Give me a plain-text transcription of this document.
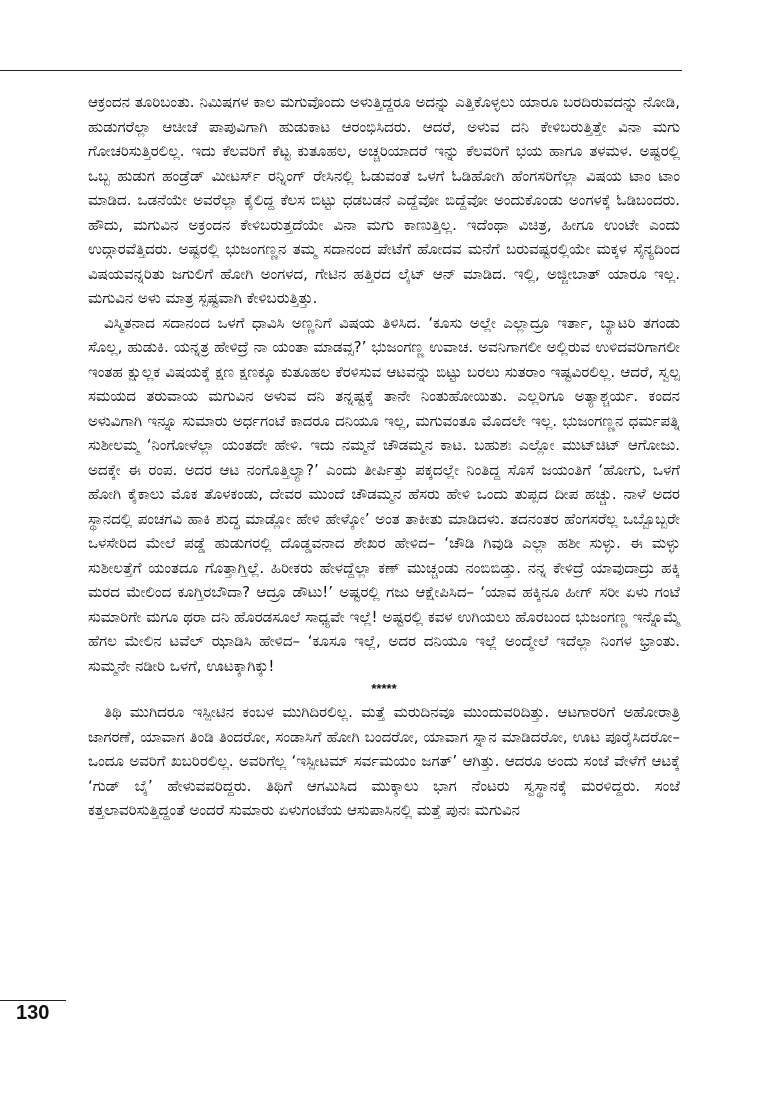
ಆಕ್ರಂದನ ತೂರಿಬಂತು. ನಿಮಿಷಗಳ ಕಾಲ ಮಗುವೊಂದು ಅಳುತ್ತಿದ್ದರೂ ಅದನ್ನು ಎತ್ತಿಕೊಳ್ಳಲು ಯಾರೂ ಬರದಿರುವದನ್ನು ನೋಡಿ, ಹುಡುಗರೆಲ್ಲಾ ಆಚೀಚೆ ಪಾಪುವಿಗಾಗಿ ಹುಡುಕಾಟ ಆರಂಭಿಸಿದರು. ಆದರೆ, ಅಳುವ ದನಿ ಕೇಳಿಬರುತ್ತಿತ್ತೇ ವಿನಾ ಮಗು ಗೋಚರಿಸುತ್ತಿರಲಿಲ್ಲ. ಇದು ಕೆಲವರಿಗೆ ಕೆಟ್ಟ ಕುತೂಹಲ, ಅಚ್ಚರಿಯಾದರೆ ಇನ್ನು ಕೆಲವರಿಗೆ ಭಯ ಹಾಗೂ ತಳಮಳ. ಅಷ್ಟರಲ್ಲಿ ಒಬ್ಬ ಹುಡುಗ ಹಂಡ್ರೆಡ್ ಮೀಟರ್ಸ್ ರನ್ನಿಂಗ್ ರೇಸಿನಲ್ಲಿ ಓಡುವಂತೆ ಒಳಗೆ ಓಡಿಹೋಗಿ ಹೆಂಗಸರಿಗೆಲ್ಲಾ ವಿಷಯ ಟಾಂ ಟಾಂ ಮಾಡಿದ. ಒಡನೆಯೇ ಅವರೆಲ್ಲಾ ಕೈಲಿದ್ದ ಕೆಲಸ ಬಿಟ್ಟು ಧಡಬಡನೆ ಎದ್ದೆವೋ ಬಿದ್ದೆವೋ ಅಂದುಕೊಂಡು ಅಂಗಳಕ್ಕೆ ಓಡಿಬಂದರು. ಹೌದು, ಮಗುವಿನ ಅಕ್ರಂದನ ಕೇಳಿಬರುತ್ತದೆಯೇ ವಿನಾ ಮಗು ಕಾಣುತ್ತಿಲ್ಲ. ಇದೆಂಥಾ ವಿಚಿತ್ರ, ಹೀಗೂ ಉಂಟೇ ಎಂದು ಉದ್ಗಾರವೆತ್ತಿದರು. ಅಷ್ಟರಲ್ಲಿ ಭುಜಂಗಣ್ಣನ ತಮ್ಮ ಸದಾನಂದ ಪೇಟೆಗೆ ಹೋದವ ಮನೆಗೆ ಬರುವಷ್ಟರಲ್ಲಿಯೇ ಮಕ್ಕಳ ಸೈನ್ಯದಿಂದ ವಿಷಯವನ್ನರಿತು ಜಗುಲಿಗೆ ಹೋಗಿ ಅಂಗಳದ, ಗೇಟಿನ ಹತ್ತಿರದ ಲೈಟ್ ಆನ್ ಮಾಡಿದ. ಇಲ್ಲಿ, ಅಜ್ಜೀಬಾತ್ ಯಾರೂ ಇಲ್ಲ. ಮಗುವಿನ ಅಳು ಮಾತ್ರ ಸ್ಪಷ್ಟವಾಗಿ ಕೇಳಿಬರುತ್ತಿತ್ತು.

ವಿಸ್ಮಿತನಾದ ಸದಾನಂದ ಒಳಗೆ ಧಾವಿಸಿ ಅಣ್ಣನಿಗೆ ವಿಷಯ ತಿಳಿಸಿದ. ‘ಕೂಸು ಅಲ್ಲೇ ಎಲ್ಲಾದ್ರೂ ಇರ್ತಾ, ಬ್ಯಾಟರಿ ತಗಂಡು ಸೊಲ್ಲ, ಹುಡುಕಿ. ಯನ್ನತ್ರ ಹೇಳಿದ್ರೆ ನಾ ಯಂತಾ ಮಾಡವ್ಸ?’ ಭುಜಂಗಣ್ಣ ಉವಾಚ. ಅವನಿಗಾಗಲೀ ಅಲ್ಲಿರುವ ಉಳಿದವರಿಗಾಗಲೀ ಇಂತಹ ಕ್ಷುಲ್ಲಕ ವಿಷಯಕ್ಕೆ ಕ್ಷಣ ಕ್ಷಣಕ್ಕೂ ಕುತೂಹಲ ಕೆರಳಿಸುವ ಆಟವನ್ನು ಬಿಟ್ಟು ಬರಲು ಸುತರಾಂ ಇಷ್ಟವಿರಲಿಲ್ಲ. ಆದರೆ, ಸ್ವಲ್ಪ ಸಮಯದ ತರುವಾಯ ಮಗುವಿನ ಅಳುವ ದನಿ ತನ್ನಷ್ಟಕ್ಕೆ ತಾನೇ ನಿಂತುಹೋಯಿತು. ಎಲ್ಲರಿಗೂ ಅತ್ಯಾಶ್ಚರ್ಯ. ಕಂದನ ಅಳುವಿಗಾಗಿ ಇನ್ನೂ ಸುಮಾರು ಅರ್ಧಗಂಟೆ ಕಾದರೂ ದನಿಯೂ ಇಲ್ಲ, ಮಗುವಂತೂ ಮೊದಲೇ ಇಲ್ಲ. ಭುಜಂಗಣ್ಣನ ಧರ್ಮಪತ್ನಿ ಸುಶೀಲಮ್ಮ ‘ನಿಂಗೋಳೆಲ್ಲಾ ಯಂತದೇ ಹೇಳಿ. ಇದು ನಮ್ಮನೆ ಚೌಡಮ್ಮನ ಕಾಟ. ಬಹುಶಃ ಎಲ್ಲೋ ಮುಟ್‌ಚಿಟ್ ಆಗೋಜು. ಅದಕ್ಕೇ ಈ ರಂಪ. ಅದರ ಆಟ ನಂಗೊತ್ತಿಲ್ಯಾ?’ ಎಂದು ತೀರ್ಪಿತ್ತು ಪಕ್ಕದಲ್ಲೇ ನಿಂತಿದ್ದ ಸೊಸೆ ಜಯಂತಿಗೆ ‘ಹೋಗು, ಒಳಗೆ ಹೋಗಿ ಕೈಕಾಲು ಮೊಕ ತೊಳಕಂಡು, ದೇವರ ಮುಂದೆ ಚೌಡಮ್ಮನ ಹೆಸರು ಹೇಳಿ ಒಂದು ತುಪ್ಪದ ದೀಪ ಹಚ್ಚು. ನಾಳೆ ಅದರ ಸ್ಥಾನದಲ್ಲಿ ಪಂಚಗವಿ ಹಾಕಿ ಶುದ್ಧ ಮಾಡ್ಲೋ ಹೇಳಿ ಹೇಳ್ಕೋ’ ಅಂತ ತಾಕೀತು ಮಾಡಿದಳು. ತದನಂತರ ಹೆಂಗಸರೆಲ್ಲ ಒಬ್ಬೊಬ್ಬರೇ ಒಳಸೇರಿದ ಮೇಲೆ ಪಡ್ಡೆ ಹುಡುಗರಲ್ಲಿ ದೊಡ್ಡವನಾದ ಶೇಖರ ಹೇಳಿದ– ‘ಚೌಡಿ ಗಿವುಡಿ ಎಲ್ಲಾ ಹಶೀ ಸುಳ್ಳು. ಈ ಮಳ್ಳು ಸುಶೀಲತ್ತೆಗೆ ಯಂತದೂ ಗೊತ್ತಾಗ್ತಿಲ್ಲೆ. ಹಿರೀಕರು ಹೇಳದ್ದೆಲ್ಲಾ ಕಣ್ ಮುಚ್ಚಂಡು ನಂಬಿಬಿಡ್ತು. ನನ್ನ ಕೇಳಿದ್ರೆ ಯಾವುದಾದ್ರು ಹಕ್ಕಿ ಮರದ ಮೇಲಿಂದ ಕೂಗ್ತಿರಬೌದಾ? ಆದ್ರೂ ಡೌಟು!’ ಅಷ್ಟರಲ್ಲಿ ಗಜು ಆಕ್ಷೇಪಿಸಿದ– ‘ಯಾವ ಹಕ್ಕಿನೂ ಹೀಗ್ ಸರೀ ಏಳು ಗಂಟೆ ಸುಮಾರಿಗೇ ಮಗೂ ಥರಾ ದನಿ ಹೊರಡಸೂಲೆ ಸಾಧ್ಯವೇ ಇಲ್ಲೆ! ಅಷ್ಟರಲ್ಲಿ ಕವಳ ಉಗಿಯಲು ಹೊರಬಂದ ಭುಜಂಗಣ್ಣ ಇನ್ನೊಮ್ಮೆ ಹೆಗಲ ಮೇಲಿನ ಟವೆಲ್ ಝಾಡಿಸಿ ಹೇಳಿದ– ‘ಕೂಸೂ ಇಲ್ಲೆ, ಅದರ ದನಿಯೂ ಇಲ್ಲೆ ಅಂದ್ಮೇಲೆ ಇದೆಲ್ಲಾ ನಿಂಗಳ ಭ್ರಾಂತು. ಸುಮ್ಮನೇ ನಡೀರಿ ಒಳಗೆ, ಊಟಕ್ಕಾಗಿಕ್ಕು!

*****

ತಿಥಿ ಮುಗಿದರೂ ಇಸ್ಪೀಟಿನ ಕಂಬಳ ಮುಗಿದಿರಲಿಲ್ಲ. ಮತ್ತೆ ಮರುದಿನವೂ ಮುಂದುವರಿದಿತ್ತು. ಆಟಗಾರರಿಗೆ ಅಹೋರಾತ್ರಿ ಜಾಗರಣೆ, ಯಾವಾಗ ತಿಂಡಿ ತಿಂದರೋ, ಸಂಡಾಸಿಗೆ ಹೋಗಿ ಬಂದರೋ, ಯಾವಾಗ ಸ್ನಾನ ಮಾಡಿದರೋ, ಊಟ ಪೂರೈಸಿದರೋ– ಒಂದೂ ಅವರಿಗೆ ಖಬರಿರಲಿಲ್ಲ. ಅವರಿಗೆಲ್ಲ ‘ಇಸ್ಪೀಟಮ್ ಸರ್ವಮಯಂ ಜಗತ್’ ಆಗಿತ್ತು. ಆದರೂ ಅಂದು ಸಂಜೆ ವೇಳೆಗೆ ಆಟಕ್ಕೆ ‘ಗುಡ್ ಬೈ’ ಹೇಳುವವರಿದ್ದರು. ತಿಥಿಗೆ ಆಗಮಿಸಿದ ಮುಕ್ಕಾಲು ಭಾಗ ನೆಂಟರು ಸ್ವಸ್ಥಾನಕ್ಕೆ ಮರಳಿದ್ದರು. ಸಂಜೆ ಕತ್ತಲಾವರಿಸುತ್ತಿದ್ದಂತೆ ಅಂದರೆ ಸುಮಾರು ಏಳುಗಂಟೆಯ ಆಸುಪಾಸಿನಲ್ಲಿ ಮತ್ತೆ ಪುನಃ ಮಗುವಿನ

130
